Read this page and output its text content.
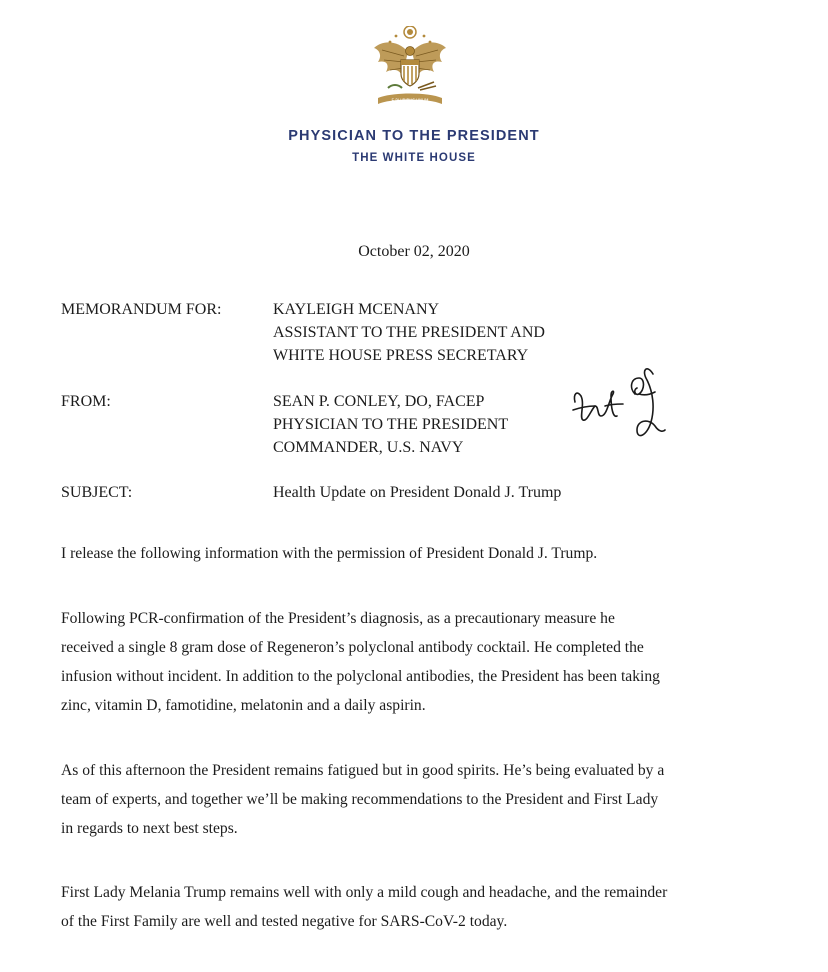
E PLURIBUS UNUM
PHYSICIAN TO THE PRESIDENT
THE WHITE HOUSE
October 02, 2020
MEMORANDUM FOR:	KAYLEIGH MCENANY
ASSISTANT TO THE PRESIDENT AND
WHITE HOUSE PRESS SECRETARY
FROM:	SEAN P. CONLEY, DO, FACEP
PHYSICIAN TO THE PRESIDENT
COMMANDER, U.S. NAVY
SUBJECT:	Health Update on President Donald J. Trump
I release the following information with the permission of President Donald J. Trump.
Following PCR-confirmation of the President’s diagnosis, as a precautionary measure he
received a single 8 gram dose of Regeneron’s polyclonal antibody cocktail. He completed the
infusion without incident. In addition to the polyclonal antibodies, the President has been taking
zinc, vitamin D, famotidine, melatonin and a daily aspirin.
As of this afternoon the President remains fatigued but in good spirits. He’s being evaluated by a
team of experts, and together we’ll be making recommendations to the President and First Lady
in regards to next best steps.
First Lady Melania Trump remains well with only a mild cough and headache, and the remainder
of the First Family are well and tested negative for SARS-CoV-2 today.
